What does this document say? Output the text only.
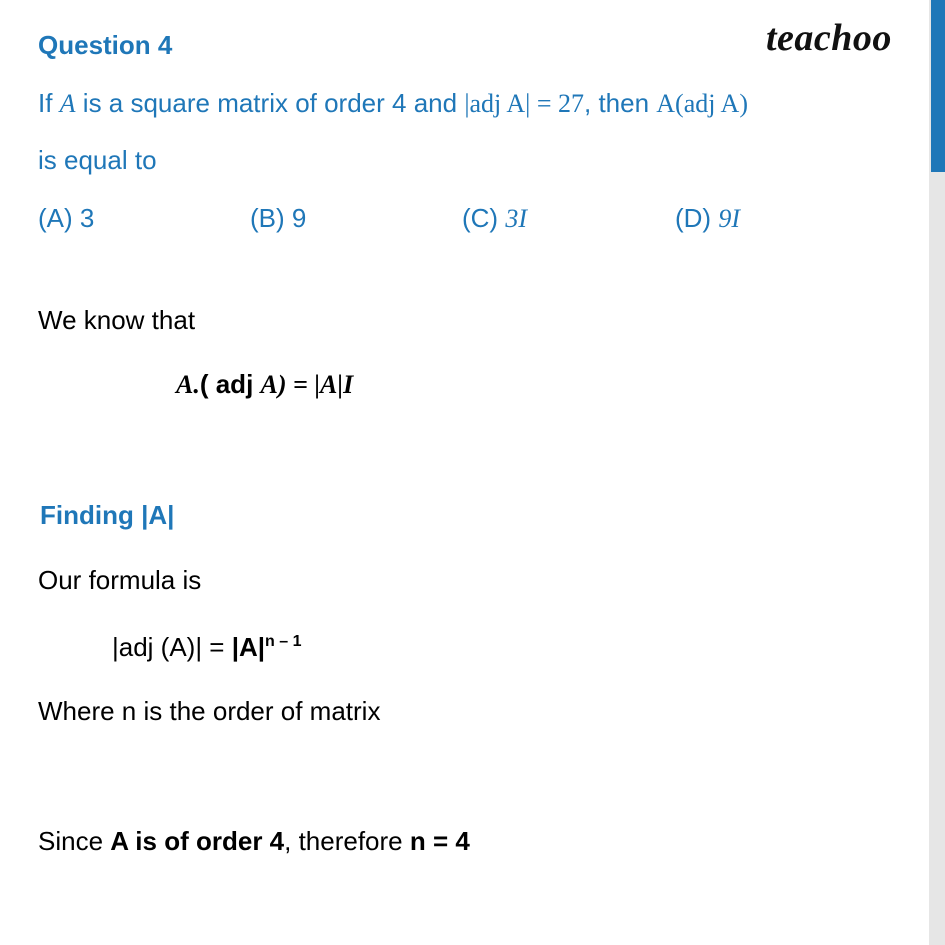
teachoo
Question 4
If A is a square matrix of order 4 and |adj A| = 27, then A(adj A)
is equal to
(A) 3	(B) 9	(C) 3I	(D) 9I
We know that
A.( adj A) = |A|I
Finding |A|
Our formula is
|adj $(A)| = |A|^{n - 1}$
Where n is the order of matrix
Since A is of order 4, therefore n = 4
